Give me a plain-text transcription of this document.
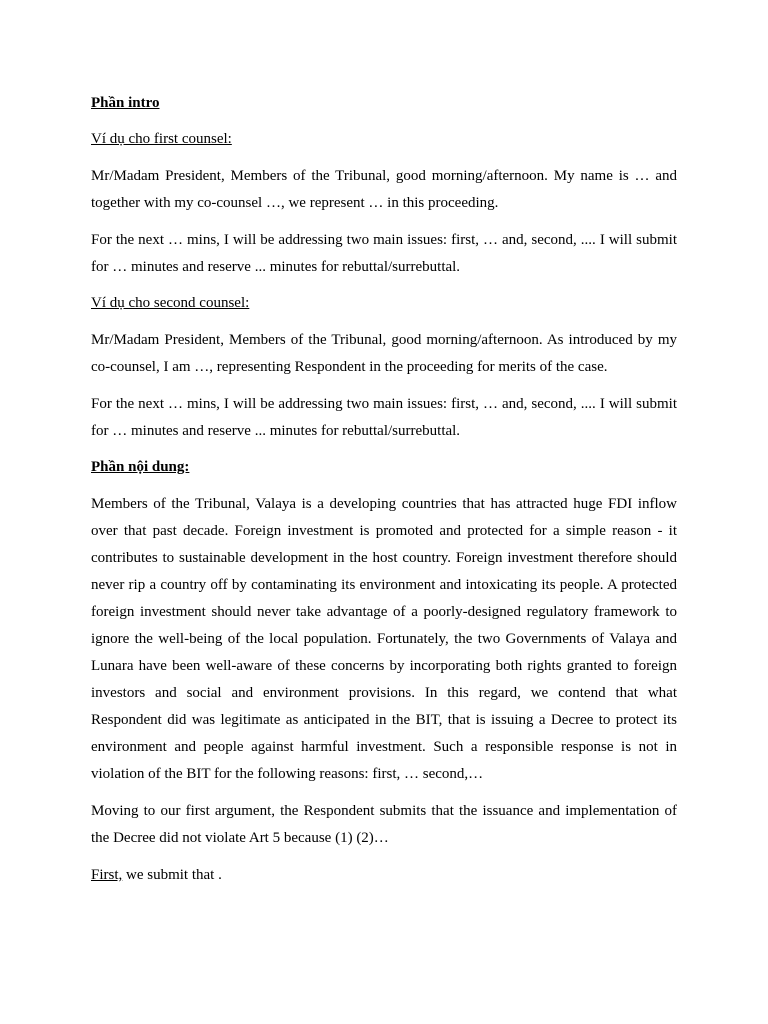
Phần intro

Ví dụ cho first counsel:

Mr/Madam President, Members of the Tribunal, good morning/afternoon. My name is … and together with my co-counsel …, we represent … in this proceeding.

For the next … mins, I will be addressing two main issues: first, … and, second, .... I will submit for … minutes and reserve ... minutes for rebuttal/surrebuttal.

Ví dụ cho second counsel:

Mr/Madam President, Members of the Tribunal, good morning/afternoon. As introduced by my co-counsel, I am …, representing Respondent in the proceeding for merits of the case.

For the next … mins, I will be addressing two main issues: first, … and, second, .... I will submit for … minutes and reserve ... minutes for rebuttal/surrebuttal.

Phần nội dung:

Members of the Tribunal, Valaya is a developing countries that has attracted huge FDI inflow over that past decade. Foreign investment is promoted and protected for a simple reason - it contributes to sustainable development in the host country. Foreign investment therefore should never rip a country off by contaminating its environment and intoxicating its people. A protected foreign investment should never take advantage of a poorly-designed regulatory framework to ignore the well-being of the local population. Fortunately, the two Governments of Valaya and Lunara have been well-aware of these concerns by incorporating both rights granted to foreign investors and social and environment provisions. In this regard, we contend that what Respondent did was legitimate as anticipated in the BIT, that is issuing a Decree to protect its environment and people against harmful investment. Such a responsible response is not in violation of the BIT for the following reasons: first, … second,…

Moving to our first argument, the Respondent submits that the issuance and implementation of the Decree did not violate Art 5 because (1) (2)…

First, we submit that .
